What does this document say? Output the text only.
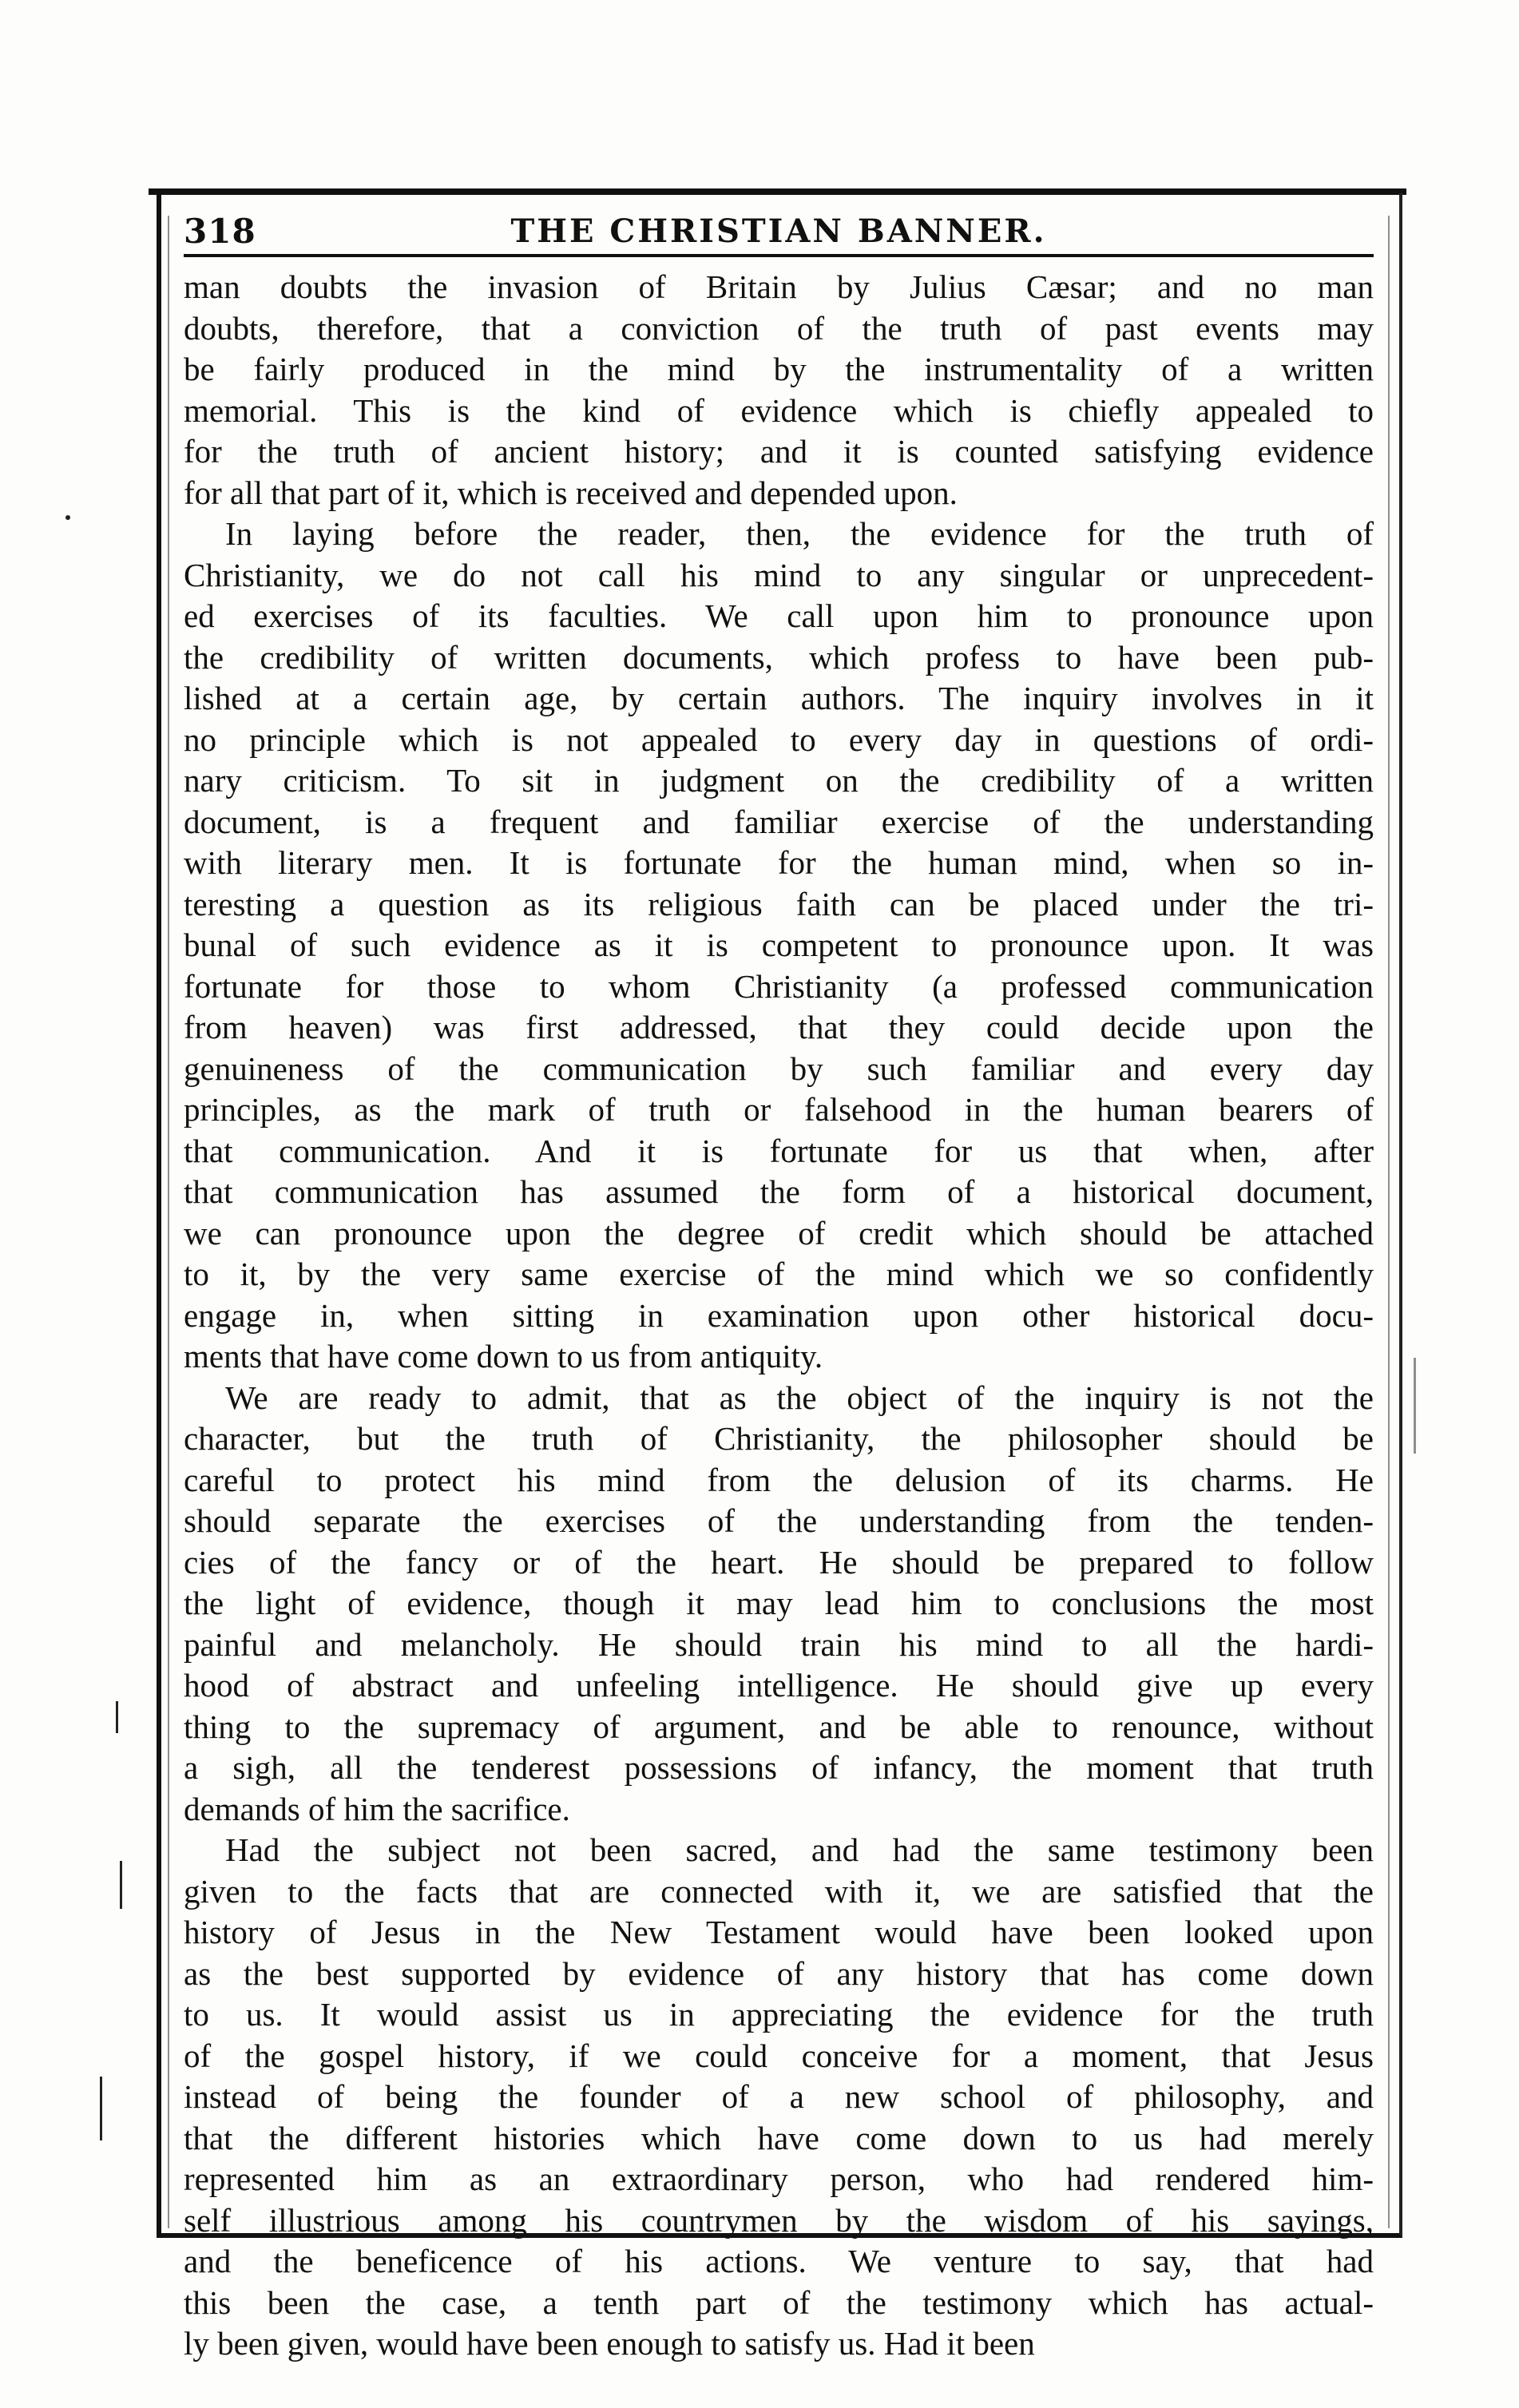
318	THE CHRISTIAN BANNER.

man doubts the invasion of Britain by Julius Cæsar; and no man
doubts, therefore, that a conviction of the truth of past events may
be fairly produced in the mind by the instrumentality of a written
memorial. This is the kind of evidence which is chiefly appealed to
for the truth of ancient history; and it is counted satisfying evidence
for all that part of it, which is received and depended upon.

In laying before the reader, then, the evidence for the truth of
Christianity, we do not call his mind to any singular or unprecedent-
ed exercises of its faculties. We call upon him to pronounce upon
the credibility of written documents, which profess to have been pub-
lished at a certain age, by certain authors. The inquiry involves in it
no principle which is not appealed to every day in questions of ordi-
nary criticism. To sit in judgment on the credibility of a written
document, is a frequent and familiar exercise of the understanding
with literary men. It is fortunate for the human mind, when so in-
teresting a question as its religious faith can be placed under the tri-
bunal of such evidence as it is competent to pronounce upon. It was
fortunate for those to whom Christianity (a professed communication
from heaven) was first addressed, that they could decide upon the
genuineness of the communication by such familiar and every day
principles, as the mark of truth or falsehood in the human bearers of
that communication. And it is fortunate for us that when, after
that communication has assumed the form of a historical document,
we can pronounce upon the degree of credit which should be attached
to it, by the very same exercise of the mind which we so confidently
engage in, when sitting in examination upon other historical docu-
ments that have come down to us from antiquity.

We are ready to admit, that as the object of the inquiry is not the
character, but the truth of Christianity, the philosopher should be
careful to protect his mind from the delusion of its charms. He
should separate the exercises of the understanding from the tenden-
cies of the fancy or of the heart. He should be prepared to follow
the light of evidence, though it may lead him to conclusions the most
painful and melancholy. He should train his mind to all the hardi-
hood of abstract and unfeeling intelligence. He should give up every
thing to the supremacy of argument, and be able to renounce, without
a sigh, all the tenderest possessions of infancy, the moment that truth
demands of him the sacrifice.

Had the subject not been sacred, and had the same testimony been
given to the facts that are connected with it, we are satisfied that the
history of Jesus in the New Testament would have been looked upon
as the best supported by evidence of any history that has come down
to us. It would assist us in appreciating the evidence for the truth
of the gospel history, if we could conceive for a moment, that Jesus
instead of being the founder of a new school of philosophy, and
that the different histories which have come down to us had merely
represented him as an extraordinary person, who had rendered him-
self illustrious among his countrymen by the wisdom of his sayings,
and the beneficence of his actions. We venture to say, that had
this been the case, a tenth part of the testimony which has actual-
ly been given, would have been enough to satisfy us. Had it been
